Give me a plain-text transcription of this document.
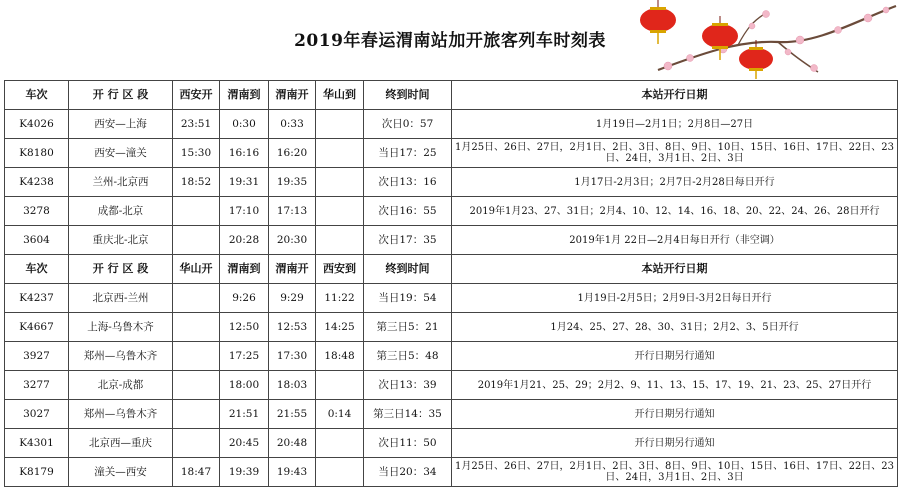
2019年春运渭南站加开旅客列车时刻表
车次	开 行 区 段	西安开	渭南到	渭南开	华山到	终到时间	本站开行日期
K4026	西安—上海	23:51	0:30	0:33		次日0：57	1月19日—2月1日；2月8日—27日
K8180	西安—潼关	15:30	16:16	16:20		当日17：25	1月25日、26日、27日，2月1日、2日、3日、8日、9日、10日、15日、16日、17日、22日、23日、24日，3月1日、2日、3日
K4238	兰州-北京西	18:52	19:31	19:35		次日13：16	1月17日-2月3日；2月7日-2月28日每日开行
3278	成都-北京		17:10	17:13		次日16：55	2019年1月23、27、31日；2月4、10、12、14、16、18、20、22、24、26、28日开行
3604	重庆北-北京		20:28	20:30		次日17：35	2019年1月 22日—2月4日每日开行（非空调）
车次	开 行 区 段	华山开	渭南到	渭南开	西安到	终到时间	本站开行日期
K4237	北京西-兰州		9:26	9:29	11:22	当日19：54	1月19日-2月5日；2月9日-3月2日每日开行
K4667	上海-乌鲁木齐		12:50	12:53	14:25	第三日5：21	1月24、25、27、28、30、31日；2月2、3、5日开行
3927	郑州—乌鲁木齐		17:25	17:30	18:48	第三日5：48	开行日期另行通知
3277	北京-成都		18:00	18:03		次日13：39	2019年1月21、25、29；2月2、9、11、13、15、17、19、21、23、25、27日开行
3027	郑州—乌鲁木齐		21:51	21:55	0:14	第三日14：35	开行日期另行通知
K4301	北京西—重庆		20:45	20:48		次日11：50	开行日期另行通知
K8179	潼关—西安	18:47	19:39	19:43		当日20：34	1月25日、26日、27日，2月1日、2日、3日、8日、9日、10日、15日、16日、17日、22日、23日、24日，3月1日、2日、3日
